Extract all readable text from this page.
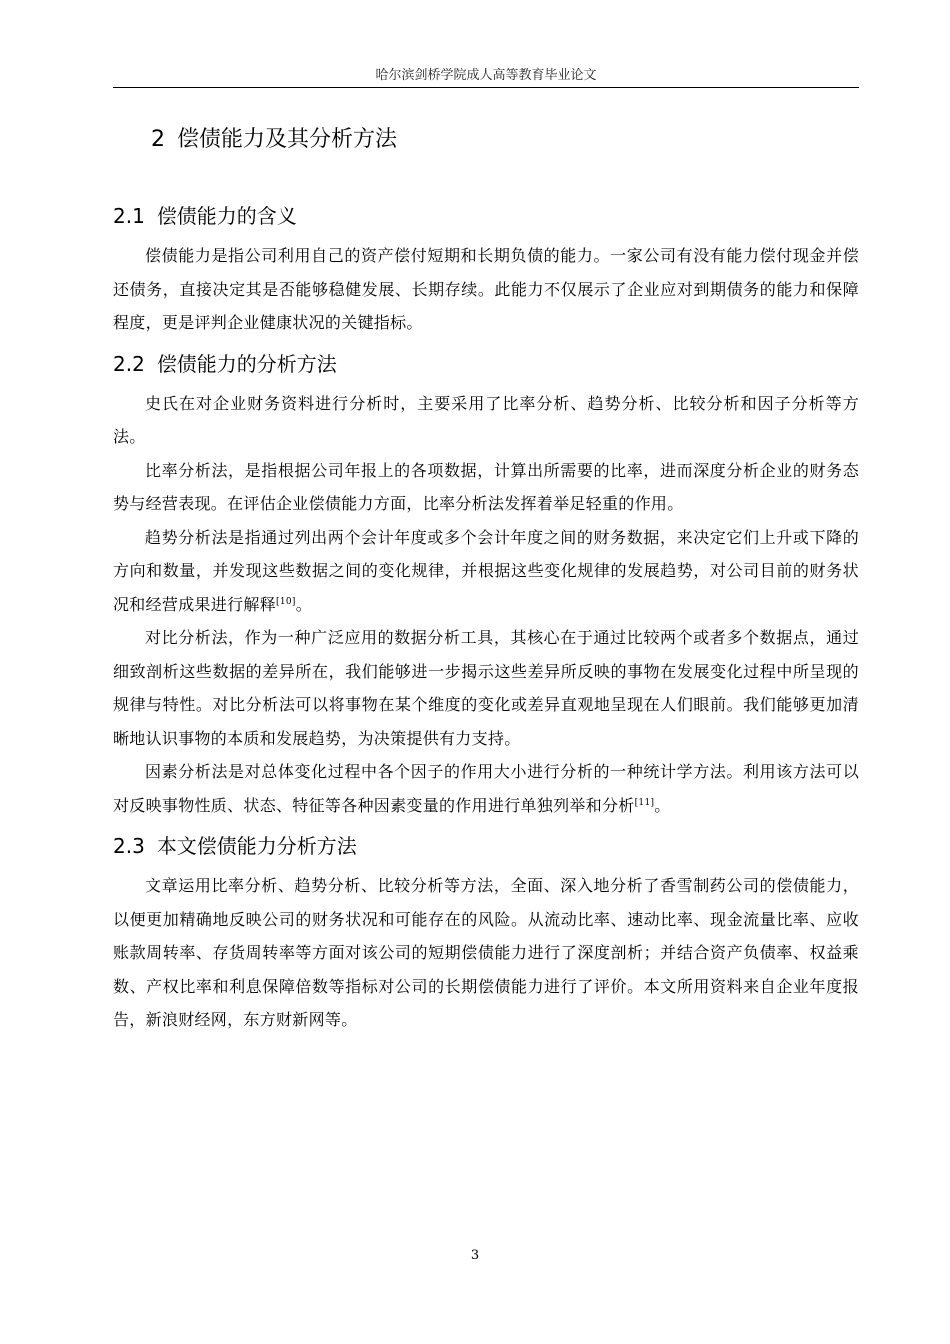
哈尔滨剑桥学院成人高等教育毕业论文
2 偿债能力及其分析方法
2.1 偿债能力的含义

偿债能力是指公司利用自己的资产偿付短期和长期负债的能力。一家公司有没有能力偿付现金并偿还债务，直接决定其是否能够稳健发展、长期存续。此能力不仅展示了企业应对到期债务的能力和保障程度，更是评判企业健康状况的关键指标。

2.2 偿债能力的分析方法

史氏在对企业财务资料进行分析时，主要采用了比率分析、趋势分析、比较分析和因子分析等方法。

比率分析法，是指根据公司年报上的各项数据，计算出所需要的比率，进而深度分析企业的财务态势与经营表现。在评估企业偿债能力方面，比率分析法发挥着举足轻重的作用。

趋势分析法是指通过列出两个会计年度或多个会计年度之间的财务数据，来决定它们上升或下降的方向和数量，并发现这些数据之间的变化规律，并根据这些变化规律的发展趋势，对公司目前的财务状况和经营成果进行解释[10]。

对比分析法，作为一种广泛应用的数据分析工具，其核心在于通过比较两个或者多个数据点，通过细致剖析这些数据的差异所在，我们能够进一步揭示这些差异所反映的事物在发展变化过程中所呈现的规律与特性。对比分析法可以将事物在某个维度的变化或差异直观地呈现在人们眼前。我们能够更加清晰地认识事物的本质和发展趋势，为决策提供有力支持。

因素分析法是对总体变化过程中各个因子的作用大小进行分析的一种统计学方法。利用该方法可以对反映事物性质、状态、特征等各种因素变量的作用进行单独列举和分析[11]。

2.3 本文偿债能力分析方法

文章运用比率分析、趋势分析、比较分析等方法，全面、深入地分析了香雪制药公司的偿债能力，以便更加精确地反映公司的财务状况和可能存在的风险。从流动比率、速动比率、现金流量比率、应收账款周转率、存货周转率等方面对该公司的短期偿债能力进行了深度剖析；并结合资产负债率、权益乘数、产权比率和利息保障倍数等指标对公司的长期偿债能力进行了评价。本文所用资料来自企业年度报告，新浪财经网，东方财新网等。

3
